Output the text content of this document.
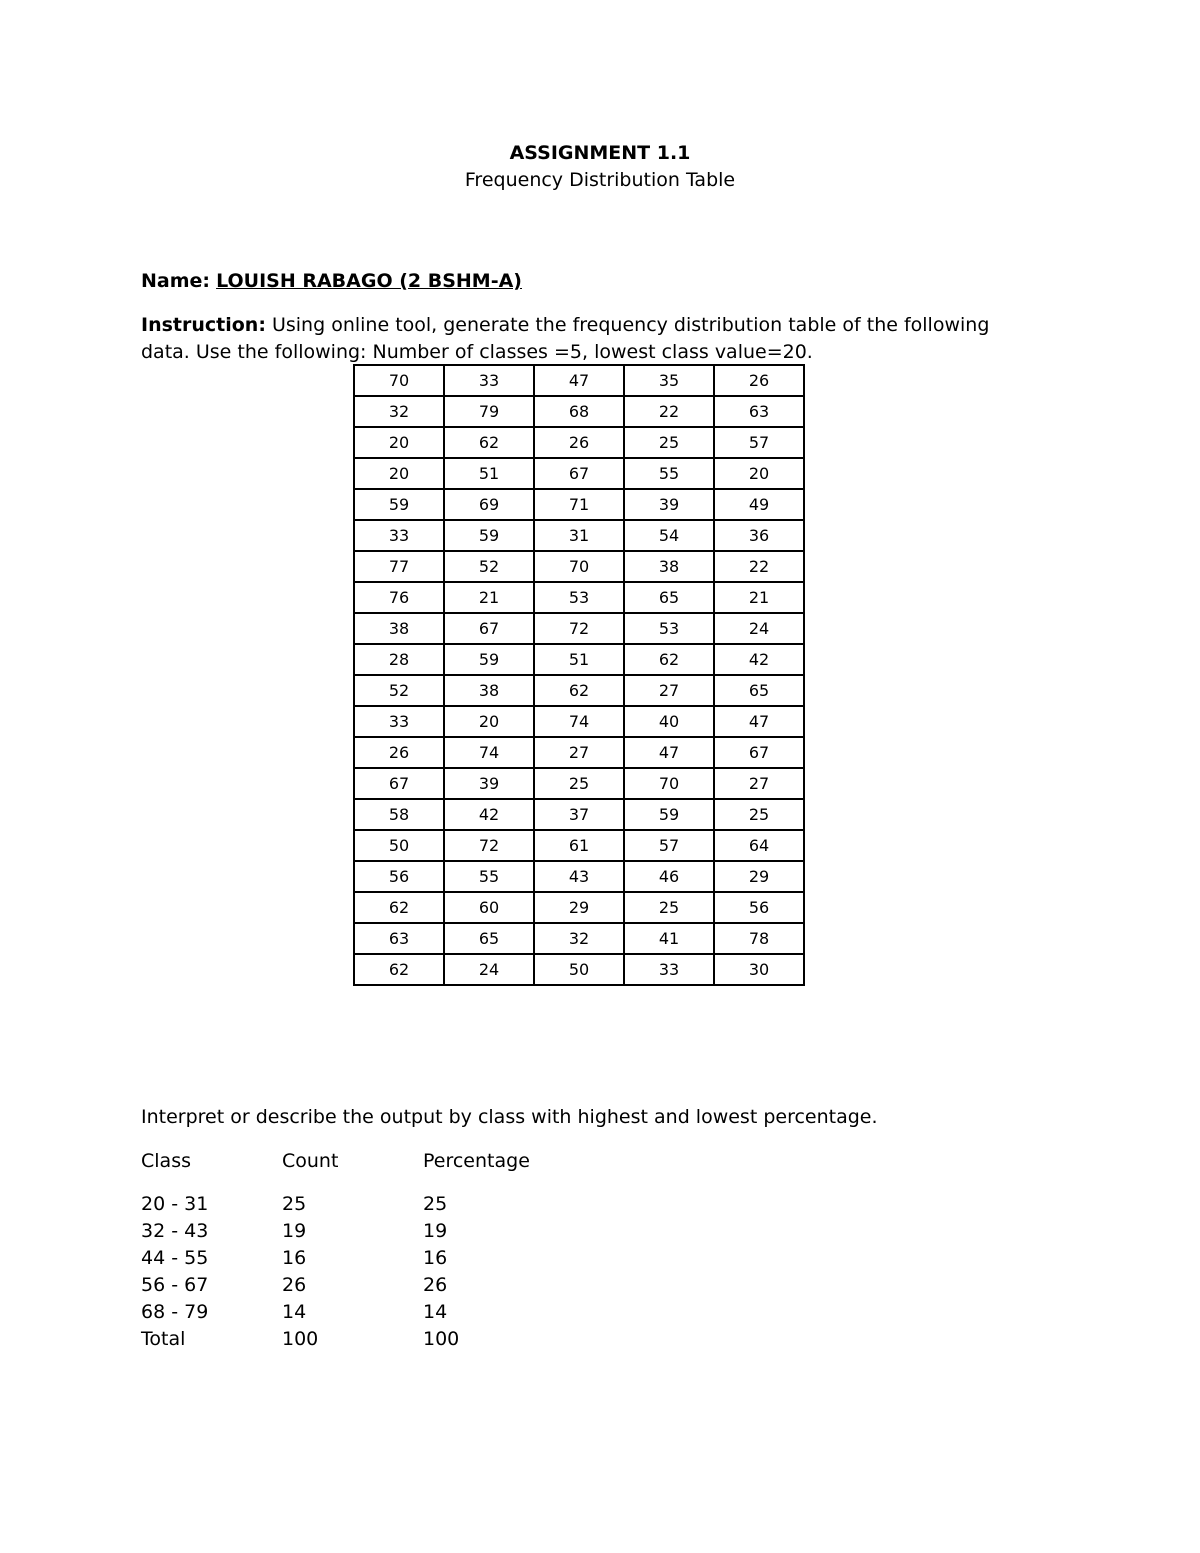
ASSIGNMENT 1.1
Frequency Distribution Table
Name: LOUISH RABAGO (2 BSHM-A)
Instruction: Using online tool, generate the frequency distribution table of the following data. Use the following: Number of classes =5, lowest class value=20.
70	33	47	35	26
32	79	68	22	63
20	62	26	25	57
20	51	67	55	20
59	69	71	39	49
33	59	31	54	36
77	52	70	38	22
76	21	53	65	21
38	67	72	53	24
28	59	51	62	42
52	38	62	27	65
33	20	74	40	47
26	74	27	47	67
67	39	25	70	27
58	42	37	59	25
50	72	61	57	64
56	55	43	46	29
62	60	29	25	56
63	65	32	41	78
62	24	50	33	30
Interpret or describe the output by class with highest and lowest percentage.
Class	Count	Percentage
20 - 31	25	25
32 - 43	19	19
44 - 55	16	16
56 - 67	26	26
68 - 79	14	14
Total	100	100
